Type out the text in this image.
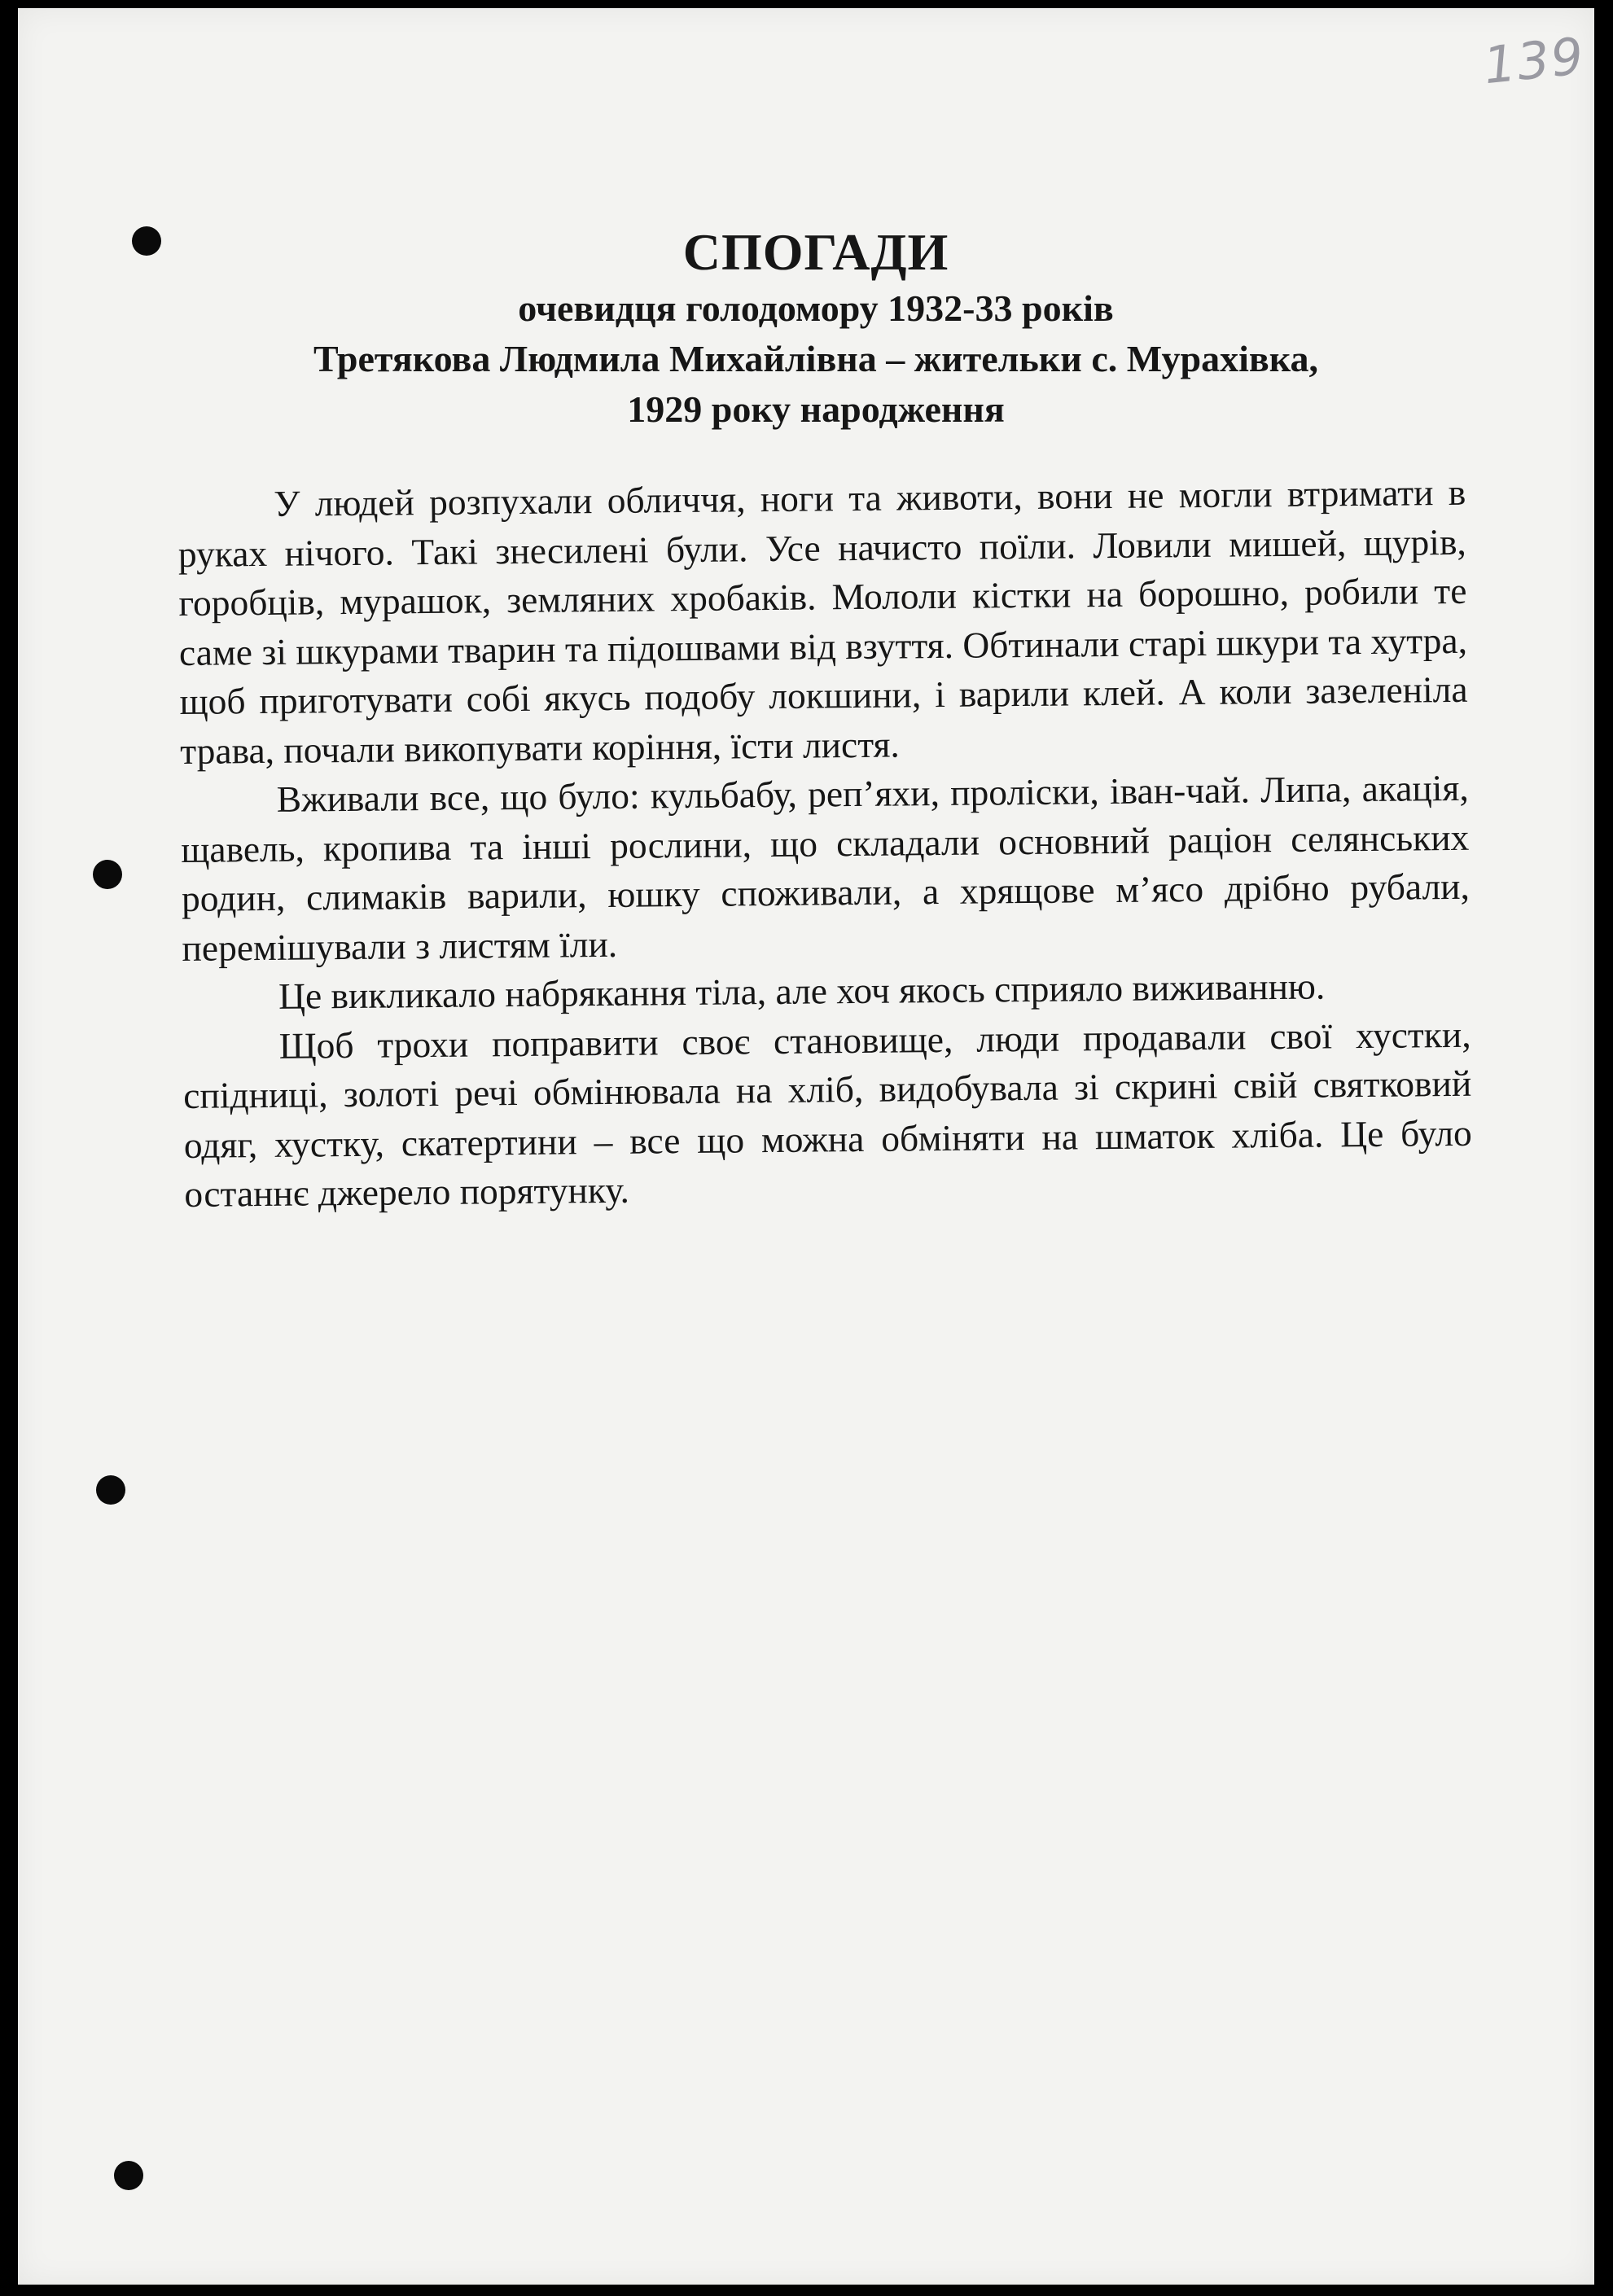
139
СПОГАДИ
очевидця голодомору 1932-33 років
Третякова Людмила Михайлівна – жительки с. Мурахівка,
1929 року народження

У людей розпухали обличчя, ноги та животи, вони не могли втримати в руках нічого. Такі знесилені були. Усе начисто поїли. Ловили мишей, щурів, горобців, мурашок, земляних хробаків. Мололи кістки на борошно, робили те саме зі шкурами тварин та підошвами від взуття. Обтинали старі шкури та хутра, щоб приготувати собі якусь подобу локшини, і варили клей. А коли зазеленіла трава, почали викопувати коріння, їсти листя.

Вживали все, що було: кульбабу, реп’яхи, проліски, іван-чай. Липа, акація, щавель, кропива та інші рослини, що складали основний раціон селянських родин, слимаків варили, юшку споживали, а хрящове м’ясо дрібно рубали, перемішували з листям їли.

Це викликало набрякання тіла, але хоч якось сприяло виживанню.

Щоб трохи поправити своє становище, люди продавали свої хустки, спідниці, золоті речі обмінювала на хліб, видобувала зі скрині свій святковий одяг, хустку, скатертини – все що можна обміняти на шматок хліба. Це було останнє джерело порятунку.
